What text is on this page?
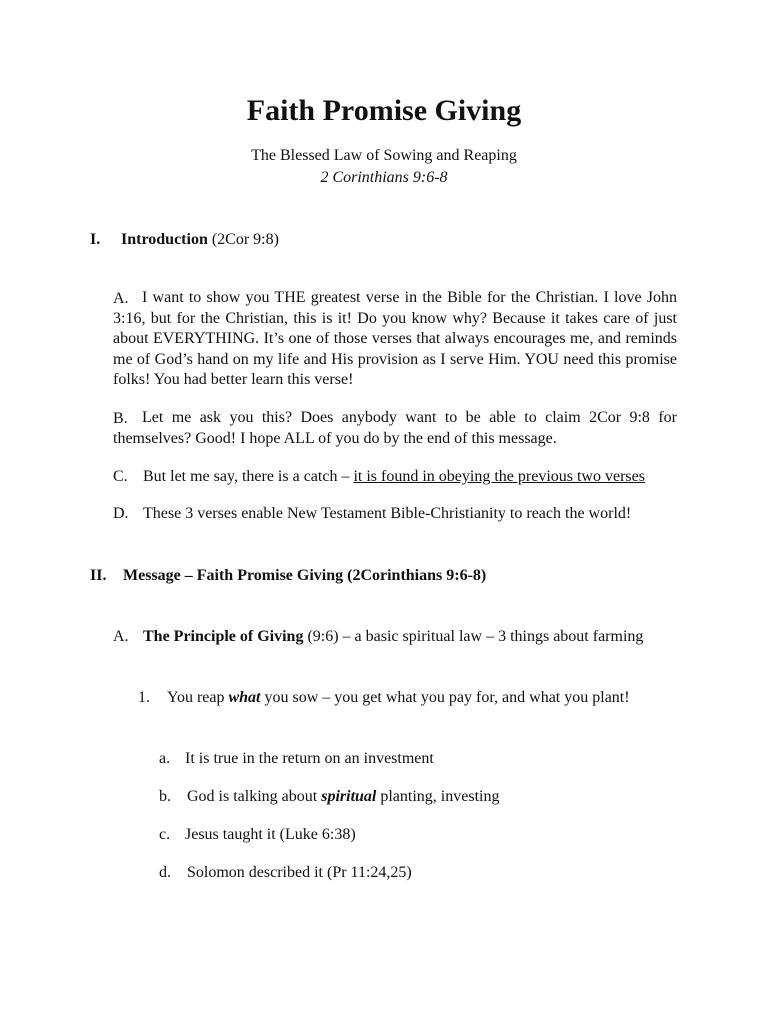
Faith Promise Giving
The Blessed Law of Sowing and Reaping
2 Corinthians 9:6-8
I. Introduction (2Cor 9:8)
A. I want to show you THE greatest verse in the Bible for the Christian. I love John 3:16, but for the Christian, this is it! Do you know why? Because it takes care of just about EVERYTHING. It’s one of those verses that always encourages me, and reminds me of God’s hand on my life and His provision as I serve Him. YOU need this promise folks! You had better learn this verse!
B. Let me ask you this? Does anybody want to be able to claim 2Cor 9:8 for themselves? Good! I hope ALL of you do by the end of this message.
C. But let me say, there is a catch – it is found in obeying the previous two verses
D. These 3 verses enable New Testament Bible-Christianity to reach the world!
II. Message – Faith Promise Giving (2Corinthians 9:6-8)
A. The Principle of Giving (9:6) – a basic spiritual law – 3 things about farming
1. You reap what you sow – you get what you pay for, and what you plant!
a. It is true in the return on an investment
b. God is talking about spiritual planting, investing
c. Jesus taught it (Luke 6:38)
d. Solomon described it (Pr 11:24,25)
